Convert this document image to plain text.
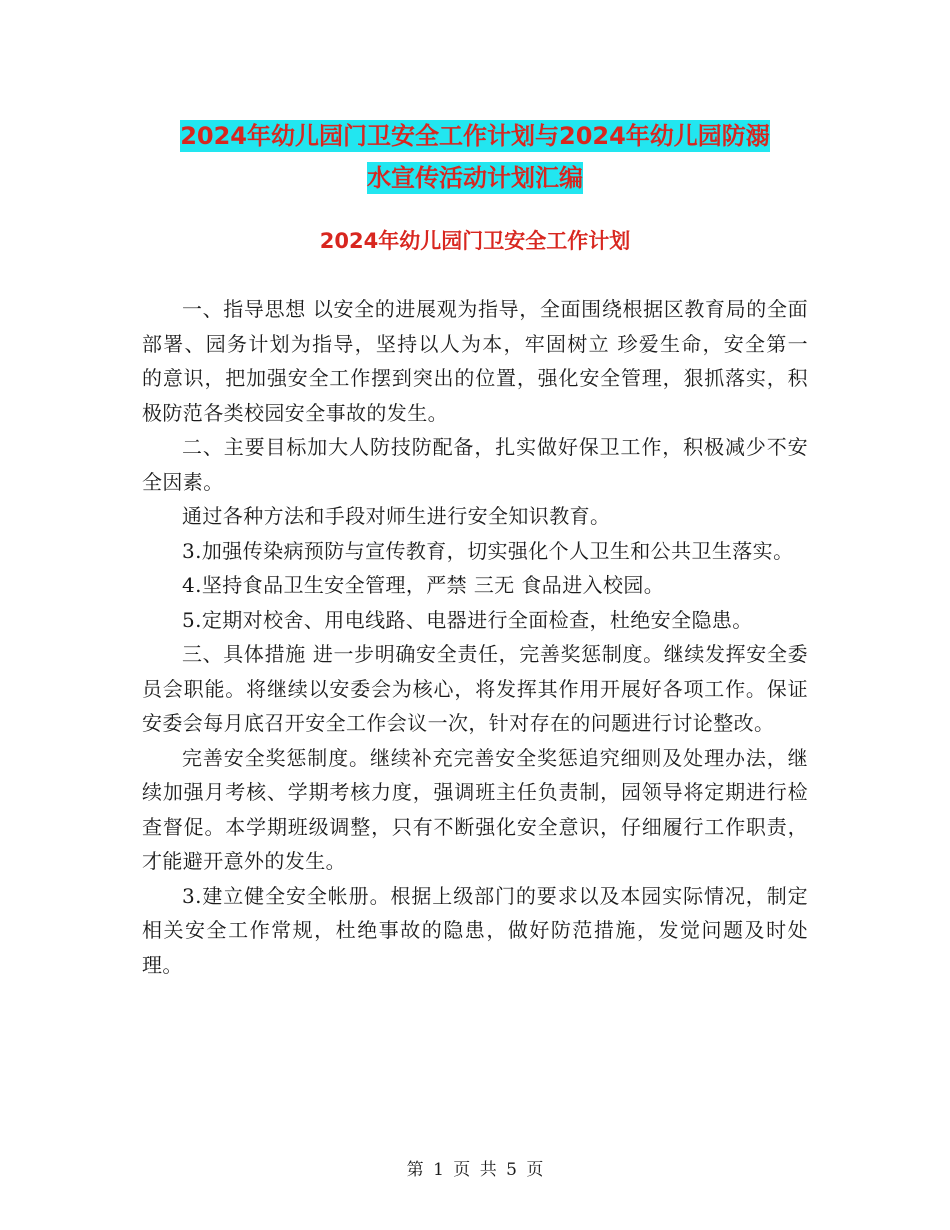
2024年幼儿园门卫安全工作计划与2024年幼儿园防溺
水宣传活动计划汇编
2024年幼儿园门卫安全工作计划

一、指导思想 以安全的进展观为指导，全面围绕根据区教育局的全面部署、园务计划为指导，坚持以人为本，牢固树立 珍爱生命，安全第一 的意识，把加强安全工作摆到突出的位置，强化安全管理，狠抓落实，积极防范各类校园安全事故的发生。

二、主要目标加大人防技防配备，扎实做好保卫工作，积极减少不安全因素。

通过各种方法和手段对师生进行安全知识教育。

3.加强传染病预防与宣传教育，切实强化个人卫生和公共卫生落实。

4.坚持食品卫生安全管理，严禁 三无 食品进入校园。

5.定期对校舍、用电线路、电器进行全面检查，杜绝安全隐患。

三、具体措施 进一步明确安全责任，完善奖惩制度。继续发挥安全委员会职能。将继续以安委会为核心，将发挥其作用开展好各项工作。保证安委会每月底召开安全工作会议一次，针对存在的问题进行讨论整改。

完善安全奖惩制度。继续补充完善安全奖惩追究细则及处理办法，继续加强月考核、学期考核力度，强调班主任负责制，园领导将定期进行检查督促。本学期班级调整，只有不断强化安全意识，仔细履行工作职责，才能避开意外的发生。

3.建立健全安全帐册。根据上级部门的要求以及本园实际情况，制定相关安全工作常规，杜绝事故的隐患，做好防范措施，发觉问题及时处理。

第 1 页 共 5 页
